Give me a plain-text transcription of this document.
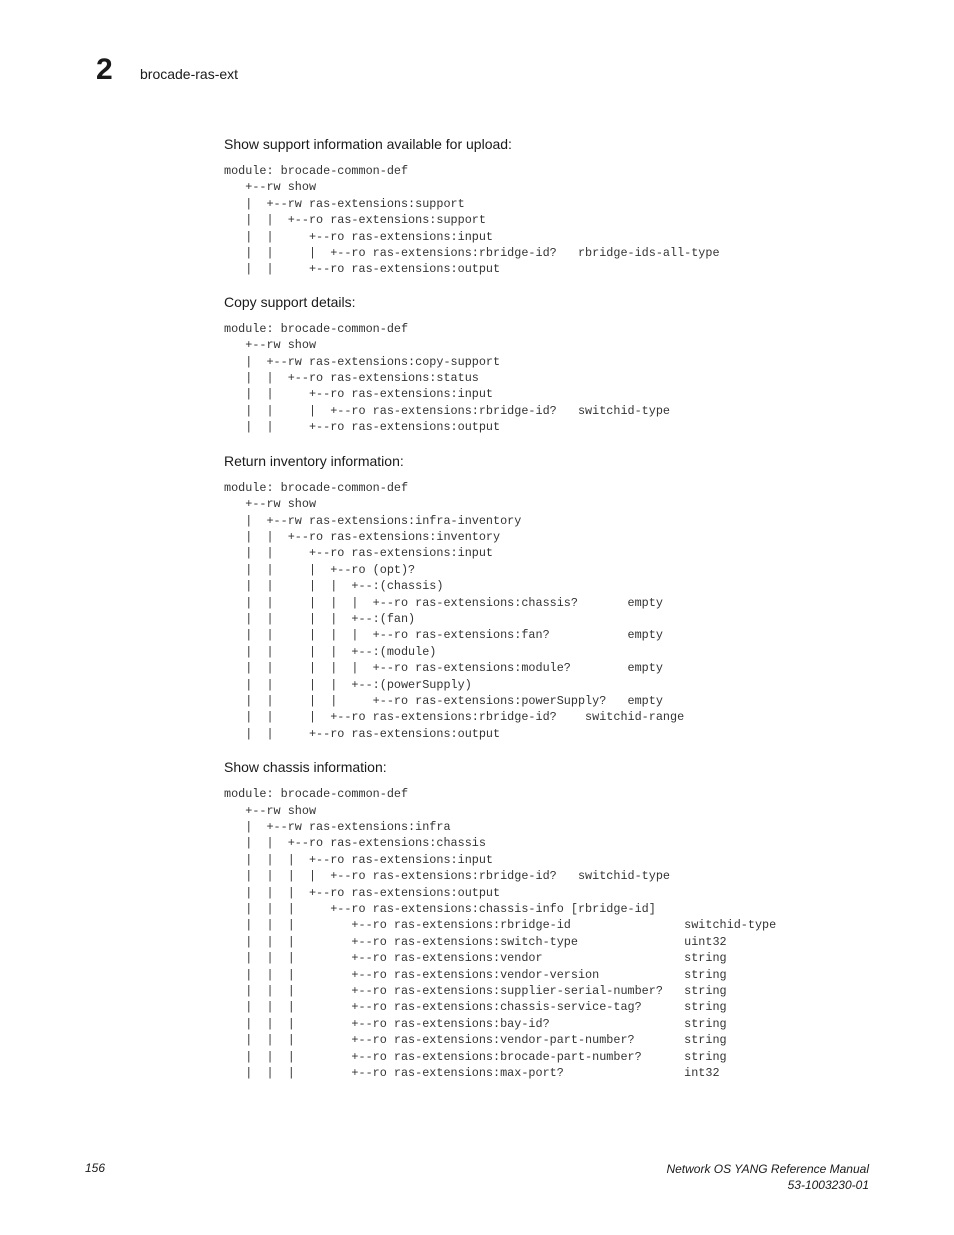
2 brocade-ras-ext

Show support information available for upload:

module: brocade-common-def
+--rw show
|  +--rw ras-extensions:support
|  |  +--ro ras-extensions:support
|  |     +--ro ras-extensions:input
|  |     |  +--ro ras-extensions:rbridge-id?   rbridge-ids-all-type
|  |     +--ro ras-extensions:output

Copy support details:

module: brocade-common-def
+--rw show
|  +--rw ras-extensions:copy-support
|  |  +--ro ras-extensions:status
|  |     +--ro ras-extensions:input
|  |     |  +--ro ras-extensions:rbridge-id?   switchid-type
|  |     +--ro ras-extensions:output

Return inventory information:

module: brocade-common-def
+--rw show
|  +--rw ras-extensions:infra-inventory
|  |  +--ro ras-extensions:inventory
|  |     +--ro ras-extensions:input
|  |     |  +--ro (opt)?
|  |     |  |  +--:(chassis)
|  |     |  |  |  +--ro ras-extensions:chassis?       empty
|  |     |  |  +--:(fan)
|  |     |  |  |  +--ro ras-extensions:fan?           empty
|  |     |  |  +--:(module)
|  |     |  |  |  +--ro ras-extensions:module?        empty
|  |     |  |  +--:(powerSupply)
|  |     |  |     +--ro ras-extensions:powerSupply?   empty
|  |     |  +--ro ras-extensions:rbridge-id?    switchid-range
|  |     +--ro ras-extensions:output

Show chassis information:

module: brocade-common-def
+--rw show
|  +--rw ras-extensions:infra
|  |  +--ro ras-extensions:chassis
|  |  |  +--ro ras-extensions:input
|  |  |  |  +--ro ras-extensions:rbridge-id?   switchid-type
|  |  |  +--ro ras-extensions:output
|  |  |     +--ro ras-extensions:chassis-info [rbridge-id]
|  |  |        +--ro ras-extensions:rbridge-id                switchid-type
|  |  |        +--ro ras-extensions:switch-type               uint32
|  |  |        +--ro ras-extensions:vendor                    string
|  |  |        +--ro ras-extensions:vendor-version            string
|  |  |        +--ro ras-extensions:supplier-serial-number?   string
|  |  |        +--ro ras-extensions:chassis-service-tag?      string
|  |  |        +--ro ras-extensions:bay-id?                   string
|  |  |        +--ro ras-extensions:vendor-part-number?       string
|  |  |        +--ro ras-extensions:brocade-part-number?      string
|  |  |        +--ro ras-extensions:max-port?                 int32
156	Network OS YANG Reference Manual
53-1003230-01
